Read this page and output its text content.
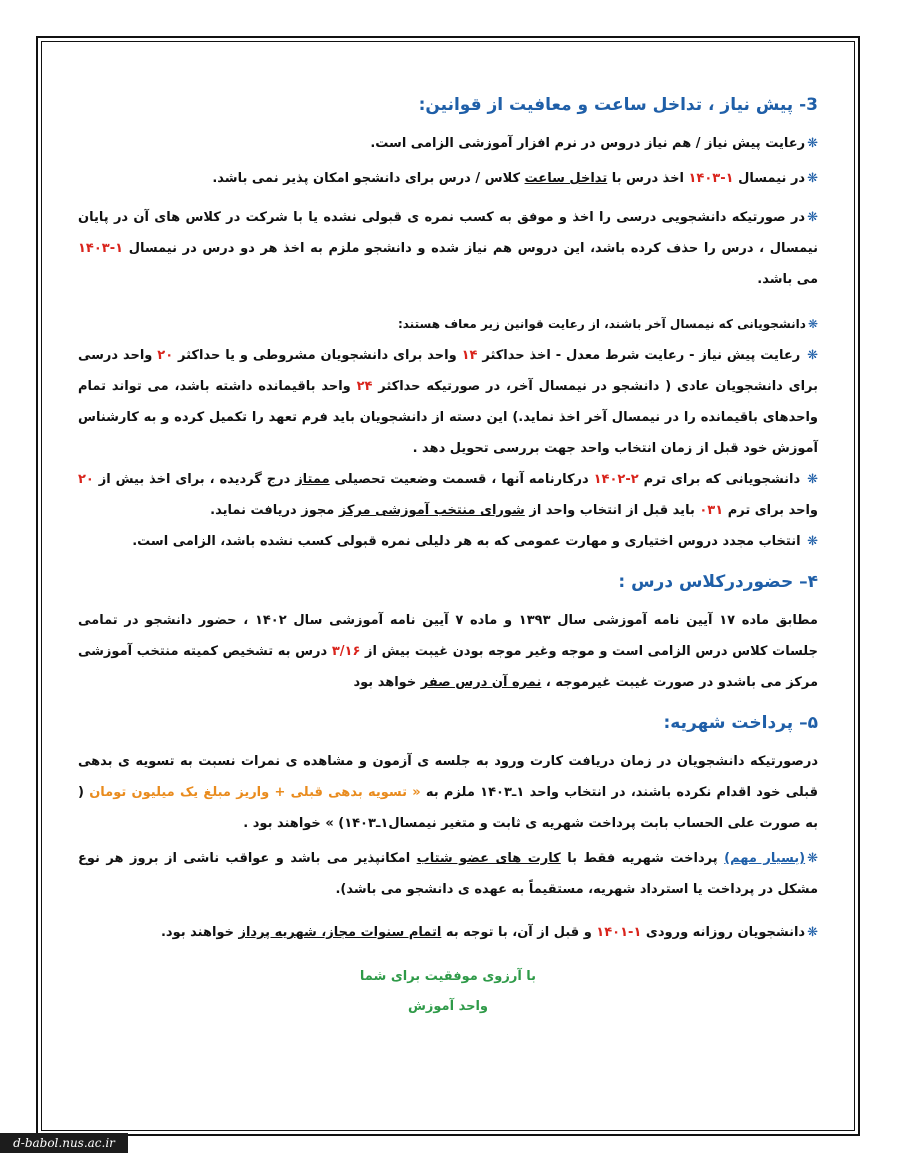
3- پیش نیاز ، تداخل ساعت و معافیت از قوانین:

❋رعایت پیش نیاز / هم نیاز دروس در نرم افزار آموزشی الزامی است.

❋در نیمسال ۱-۱۴۰۳ اخذ درس با تداخل ساعت کلاس / درس برای دانشجو امکان پذیر نمی باشد.

❋در صورتیکه دانشجویی درسی را اخذ و موفق به کسب نمره ی قبولی نشده یا با شرکت در کلاس های آن در پایان نیمسال ، درس را حذف کرده باشد، این دروس هم نیاز شده و دانشجو ملزم به اخذ هر دو درس در نیمسال ۱-۱۴۰۳ می باشد.

❋دانشجویانی که نیمسال آخر باشند، از رعایت قوانین زیر معاف هستند:

❋ رعایت پیش نیاز - رعایت شرط معدل - اخذ حداکثر ۱۴ واحد برای دانشجویان مشروطی و یا حداکثر ۲۰ واحد درسی برای دانشجویان عادی ( دانشجو در نیمسال آخر، در صورتیکه حداکثر ۲۴ واحد باقیمانده داشته باشد، می تواند تمام واحدهای باقیمانده را در نیمسال آخر اخذ نماید.) این دسته از دانشجویان باید فرم تعهد را تکمیل کرده و به کارشناس آموزش خود قبل از زمان انتخاب واحد جهت بررسی تحویل دهد .

❋ دانشجویانی که برای ترم ۲-۱۴۰۲ درکارنامه آنها ، قسمت وضعیت تحصیلی ممتاز درج گردیده ، برای اخذ بیش از ۲۰ واحد برای ترم ۰۳۱ باید قبل از انتخاب واحد از شورای منتخب آموزشی مرکز مجوز دریافت نماید.

❋ انتخاب مجدد دروس اختیاری و مهارت عمومی که به هر دلیلی نمره قبولی کسب نشده باشد، الزامی است.

۴– حضوردرکلاس درس :

مطابق ماده ۱۷ آیین نامه آموزشی سال ۱۳۹۳ و ماده ۷ آیین نامه آموزشی سال ۱۴۰۲ ، حضور دانشجو در تمامی جلسات کلاس درس الزامی است و موجه وغیر موجه بودن غیبت بیش از ۳/۱۶ درس به تشخیص کمیته منتخب آموزشی مرکز می باشدو در صورت غیبت غیرموجه ، نمره آن درس صفر خواهد بود

۵– پرداخت شهریه:

درصورتیکه دانشجویان در زمان دریافت کارت ورود به جلسه ی آزمون و مشاهده ی نمرات نسبت به تسویه ی بدهی قبلی خود اقدام نکرده باشند، در انتخاب واحد ۱ـ۱۴۰۳ ملزم به « تسویه بدهی قبلی + واریز مبلغ یک میلیون تومان ( به صورت علی الحساب بابت پرداخت شهریه ی ثابت و متغیر نیمسال۱ـ۱۴۰۳) » خواهند بود .

❋(بسیار مهم) پرداخت شهریه فقط با کارت های عضو شتاب امکانپذیر می باشد و عواقب ناشی از بروز هر نوع مشکل در پرداخت یا استرداد شهریه، مستقیماً به عهده ی دانشجو می باشد).

❋دانشجویان روزانه ورودی ۱-۱۴۰۱ و قبل از آن، با توجه به اتمام سنوات مجاز، شهریه پرداز خواهند بود.

با آرزوی موفقیت برای شما
واحد آموزش
d-babol.nus.ac.ir
